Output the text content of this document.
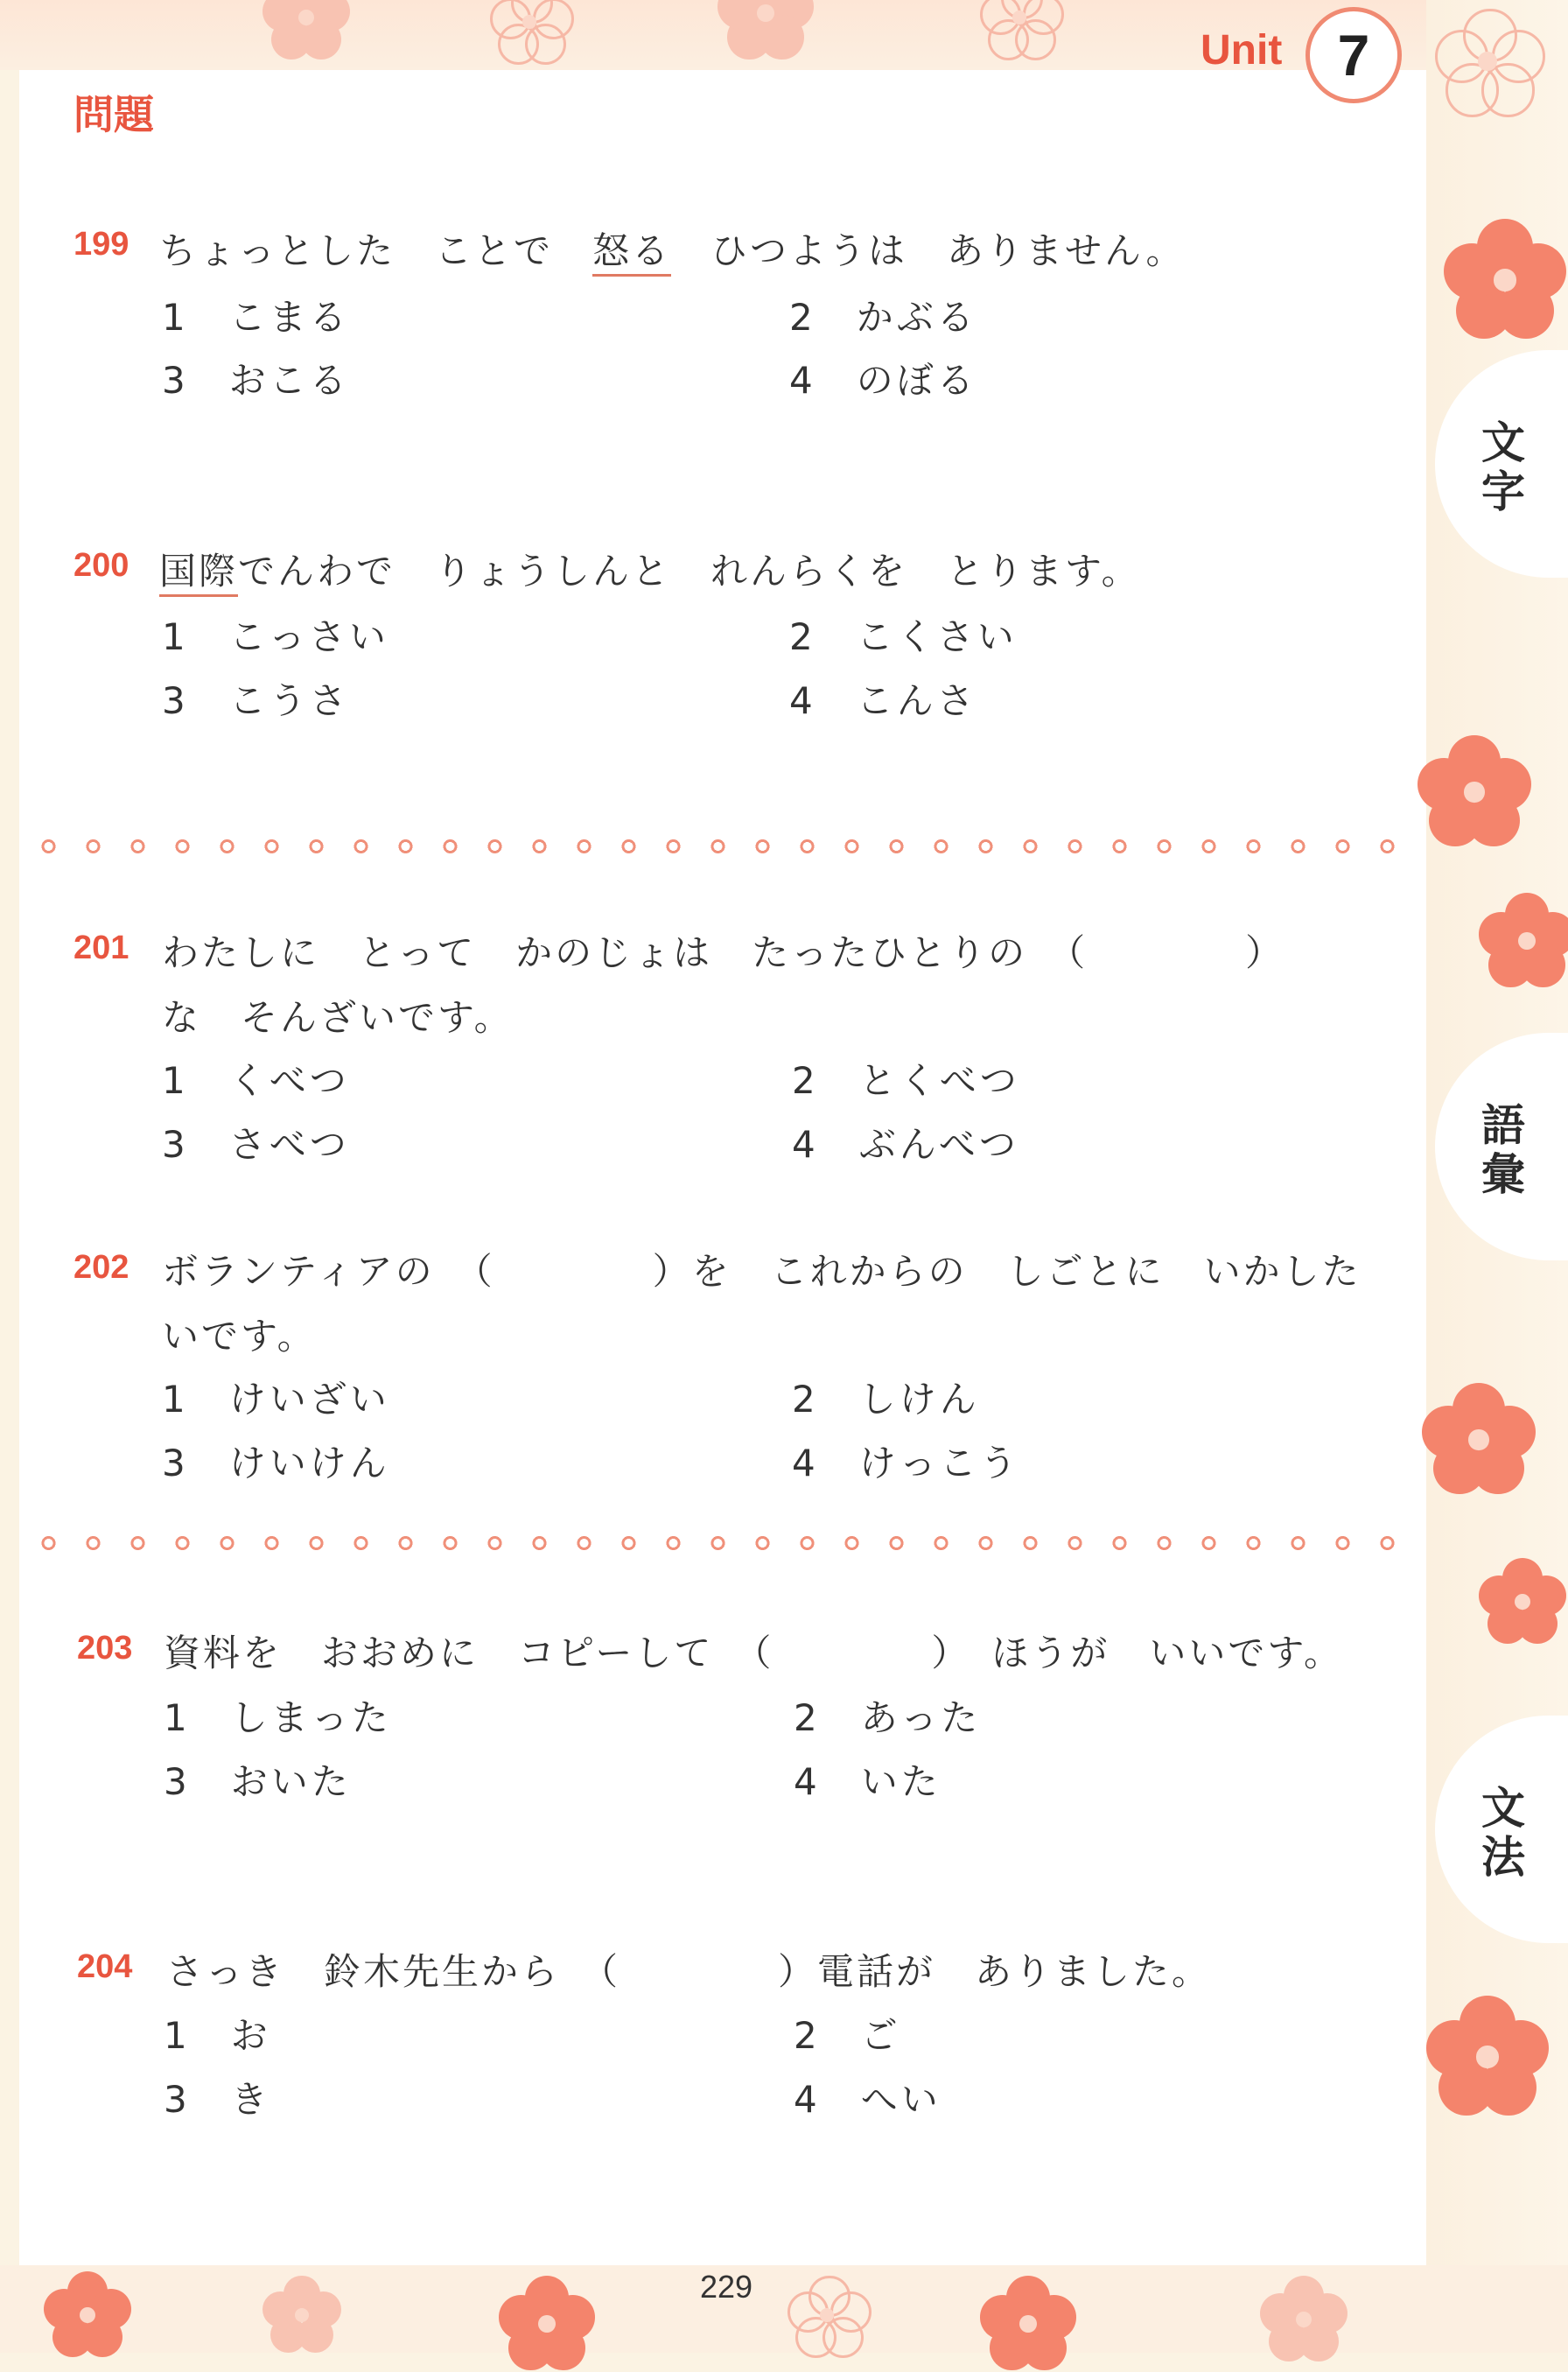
文字
語彙
文法
Unit 7
問題
199 ちょっとした　ことで　怒る　ひつようは　ありません。
1　こまる	2　かぶる
3　おこる	4　のぼる
200 国際でんわで　りょうしんと　れんらくを　とります。
1　こっさい	2　こくさい
3　こうさ	4　こんさ
201 わたしに　とって　かのじょは　たったひとりの　（　　　　）
な　そんざいです。
1　くべつ	2　とくべつ
3　さべつ	4　ぶんべつ
202 ボランティアの　（　　　　）を　これからの　しごとに　いかした
いです。
1　けいざい	2　しけん
3　けいけん	4　けっこう
203 資料を　おおめに　コピーして　（　　　　）　ほうが　いいです。
1　しまった	2　あった
3　おいた	4　いた
204 さっき　鈴木先生から　（　　　　）電話が　ありました。
1　お	2　ご
3　き	4　へい
229
